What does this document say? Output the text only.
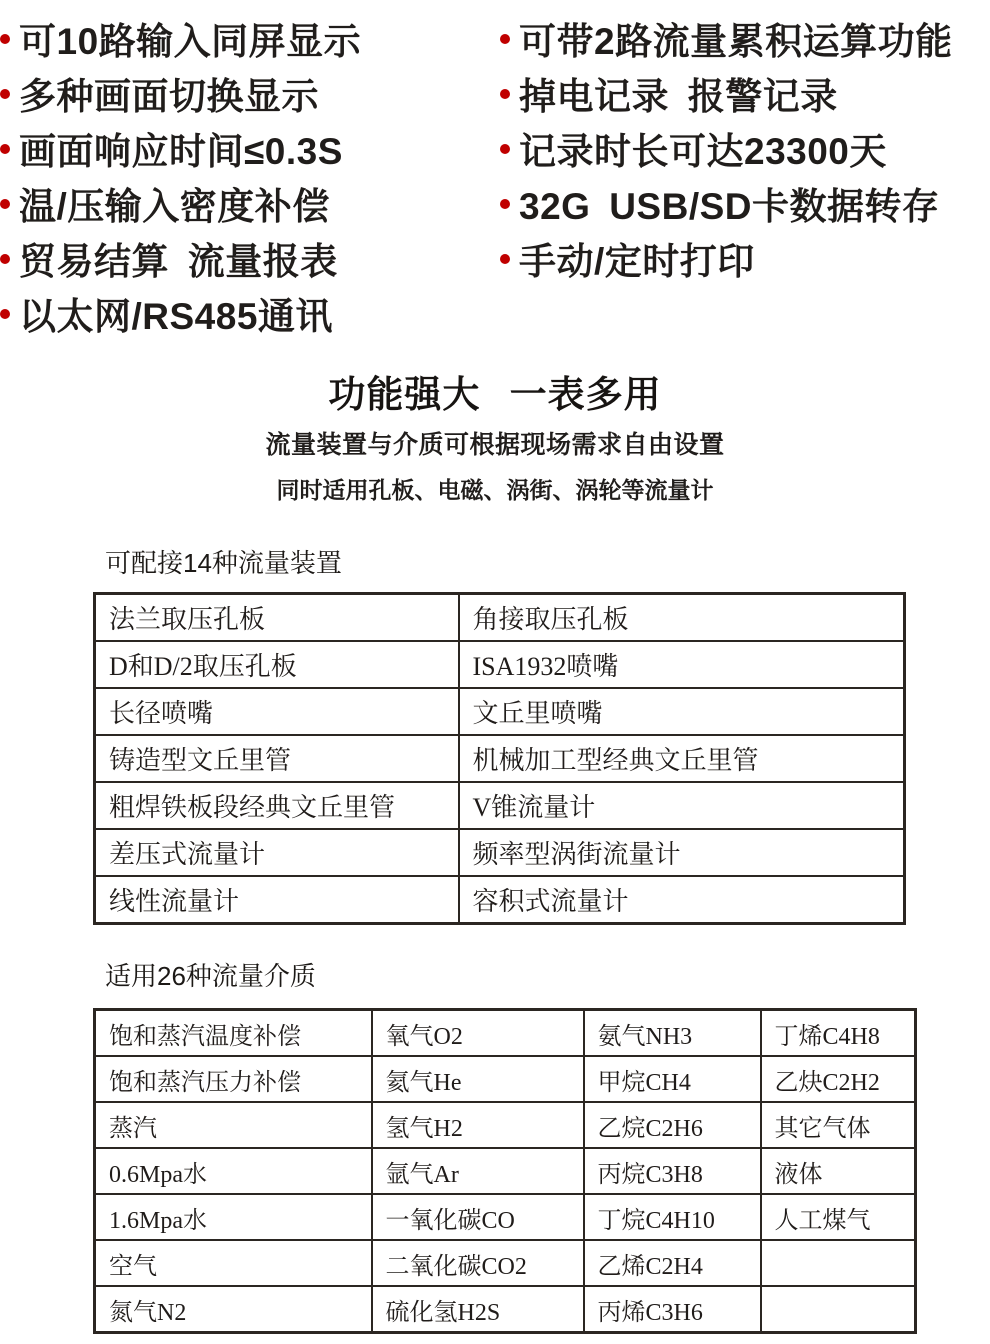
可10路输入同屏显示
多种画面切换显示
画面响应时间≤0.3S
温/压输入密度补偿
贸易结算 流量报表
以太网/RS485通讯
可带2路流量累积运算功能
掉电记录 报警记录
记录时长可达23300天
32G USB/SD卡数据转存
手动/定时打印
功能强大 一表多用

流量装置与介质可根据现场需求自由设置

同时适用孔板、电磁、涡街、涡轮等流量计

可配接14种流量装置
法兰取压孔板	角接取压孔板
D和D/2取压孔板	ISA1932喷嘴
长径喷嘴	文丘里喷嘴
铸造型文丘里管	机械加工型经典文丘里管
粗焊铁板段经典文丘里管	V锥流量计
差压式流量计	频率型涡街流量计
线性流量计	容积式流量计
适用26种流量介质
饱和蒸汽温度补偿	氧气O2	氨气NH3	丁烯C4H8
饱和蒸汽压力补偿	氦气He	甲烷CH4	乙炔C2H2
蒸汽	氢气H2	乙烷C2H6	其它气体
0.6Mpa水	氩气Ar	丙烷C3H8	液体
1.6Mpa水	一氧化碳CO	丁烷C4H10	人工煤气
空气	二氧化碳CO2	乙烯C2H4	
氮气N2	硫化氢H2S	丙烯C3H6	
